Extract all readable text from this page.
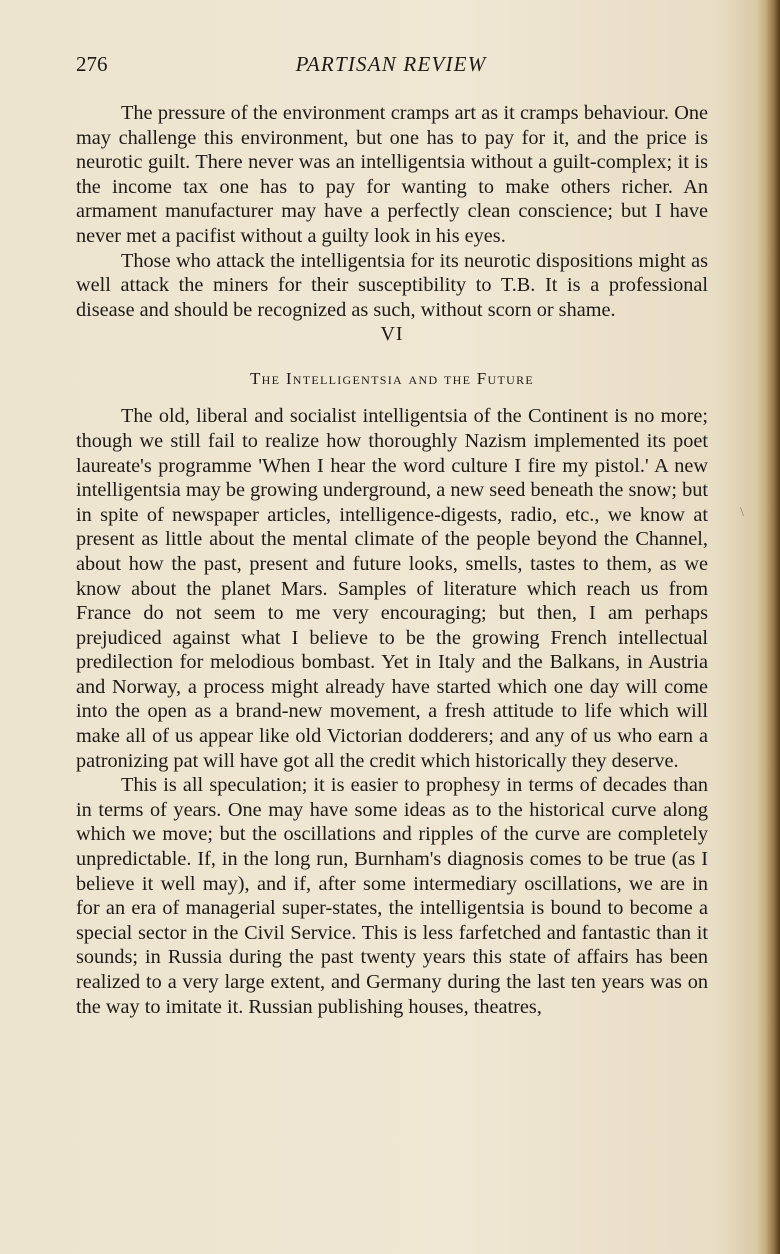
276	PARTISAN REVIEW

The pressure of the environment cramps art as it cramps behaviour. One may challenge this environment, but one has to pay for it, and the price is neurotic guilt. There never was an intelligentsia without a guilt-complex; it is the income tax one has to pay for wanting to make others richer. An armament manufacturer may have a perfectly clean conscience; but I have never met a pacifist without a guilty look in his eyes.

Those who attack the intelligentsia for its neurotic dispositions might as well attack the miners for their susceptibility to T.B. It is a professional disease and should be recognized as such, without scorn or shame.

VI
The Intelligentsia and the Future

The old, liberal and socialist intelligentsia of the Continent is no more; though we still fail to realize how thoroughly Nazism implemented its poet laureate's programme 'When I hear the word culture I fire my pistol.' A new intelligentsia may be growing underground, a new seed beneath the snow; but in spite of newspaper articles, intelligence-digests, radio, etc., we know at present as little about the mental climate of the people beyond the Channel, about how the past, present and future looks, smells, tastes to them, as we know about the planet Mars. Samples of literature which reach us from France do not seem to me very encouraging; but then, I am perhaps prejudiced against what I believe to be the growing French intellectual predilection for melodious bombast. Yet in Italy and the Balkans, in Austria and Norway, a process might already have started which one day will come into the open as a brand-new movement, a fresh attitude to life which will make all of us appear like old Victorian dodderers; and any of us who earn a patronizing pat will have got all the credit which historically they deserve.

This is all speculation; it is easier to prophesy in terms of decades than in terms of years. One may have some ideas as to the historical curve along which we move; but the oscillations and ripples of the curve are completely unpredictable. If, in the long run, Burnham's diagnosis comes to be true (as I believe it well may), and if, after some intermediary oscillations, we are in for an era of managerial super-states, the intelligentsia is bound to become a special sector in the Civil Service. This is less farfetched and fantastic than it sounds; in Russia during the past twenty years this state of affairs has been realized to a very large extent, and Germany during the last ten years was on the way to imitate it. Russian publishing houses, theatres,

\
